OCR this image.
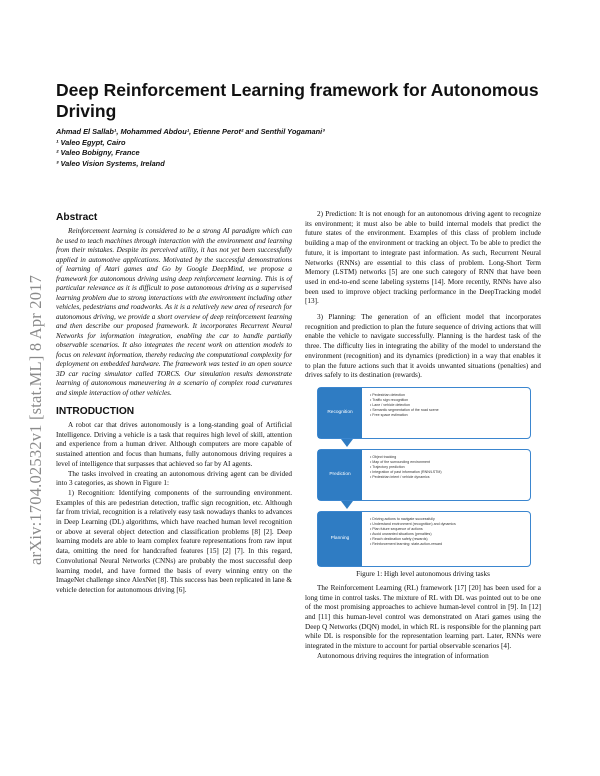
arXiv:1704.02532v1 [stat.ML] 8 Apr 2017
Deep Reinforcement Learning framework for Autonomous Driving
Ahmad El Sallab¹, Mohammed Abdou¹, Etienne Perot² and Senthil Yogamani³
¹ Valeo Egypt, Cairo
² Valeo Bobigny, France
³ Valeo Vision Systems, Ireland
Abstract

Reinforcement learning is considered to be a strong AI paradigm which can be used to teach machines through interaction with the environment and learning from their mistakes. Despite its perceived utility, it has not yet been successfully applied in automotive applications. Motivated by the successful demonstrations of learning of Atari games and Go by Google DeepMind, we propose a framework for autonomous driving using deep reinforcement learning. This is of particular relevance as it is difficult to pose autonomous driving as a supervised learning problem due to strong interactions with the environment including other vehicles, pedestrians and roadworks. As it is a relatively new area of research for autonomous driving, we provide a short overview of deep reinforcement learning and then describe our proposed framework. It incorporates Recurrent Neural Networks for information integration, enabling the car to handle partially observable scenarios. It also integrates the recent work on attention models to focus on relevant information, thereby reducing the computational complexity for deployment on embedded hardware. The framework was tested in an open source 3D car racing simulator called TORCS. Our simulation results demonstrate learning of autonomous maneuvering in a scenario of complex road curvatures and simple interaction of other vehicles.

INTRODUCTION

A robot car that drives autonomously is a long-standing goal of Artificial Intelligence. Driving a vehicle is a task that requires high level of skill, attention and experience from a human driver. Although computers are more capable of sustained attention and focus than humans, fully autonomous driving requires a level of intelligence that surpasses that achieved so far by AI agents.

The tasks involved in creating an autonomous driving agent can be divided into 3 categories, as shown in Figure 1:

1) Recognition: Identifying components of the surrounding environment. Examples of this are pedestrian detection, traffic sign recognition, etc. Although far from trivial, recognition is a relatively easy task nowadays thanks to advances in Deep Learning (DL) algorithms, which have reached human level recognition or above at several object detection and classification problems [8] [2]. Deep learning models are able to learn complex feature representations from raw input data, omitting the need for handcrafted features [15] [2] [7]. In this regard, Convolutional Neural Networks (CNNs) are probably the most successful deep learning model, and have formed the basis of every winning entry on the ImageNet challenge since AlexNet [8]. This success has been replicated in lane & vehicle detection for autonomous driving [6].

2) Prediction: It is not enough for an autonomous driving agent to recognize its environment; it must also be able to build internal models that predict the future states of the environment. Examples of this class of problem include building a map of the environment or tracking an object. To be able to predict the future, it is important to integrate past information. As such, Recurrent Neural Networks (RNNs) are essential to this class of problem. Long-Short Term Memory (LSTM) networks [5] are one such category of RNN that have been used in end-to-end scene labeling systems [14]. More recently, RNNs have also been used to improve object tracking performance in the DeepTracking model [13].

3) Planning: The generation of an efficient model that incorporates recognition and prediction to plan the future sequence of driving actions that will enable the vehicle to navigate successfully. Planning is the hardest task of the three. The difficulty lies in integrating the ability of the model to understand the environment (recognition) and its dynamics (prediction) in a way that enables it to plan the future actions such that it avoids unwanted situations (penalties) and drives safely to its destination (rewards).

Recognition
• Pedestrian detection
• Traffic sign recognition
• Lane / vehicle detection
• Semantic segmentation of the road scene
• Free space estimation
Prediction
• Object tracking
• Map of the surrounding environment
• Trajectory prediction
• Integration of past information (RNN/LSTM)
• Pedestrian intent / vehicle dynamics
Planning
• Driving actions to navigate successfully
• Understand environment (recognition) and dynamics
• Plan future sequence of actions
• Avoid unwanted situations (penalties)
• Reach destination safely (rewards)
• Reinforcement learning: state-action-reward

Figure 1: High level autonomous driving tasks

The Reinforcement Learning (RL) framework [17] [20] has been used for a long time in control tasks. The mixture of RL with DL was pointed out to be one of the most promising approaches to achieve human-level control in [9]. In [12] and [11] this human-level control was demonstrated on Atari games using the Deep Q Networks (DQN) model, in which RL is responsible for the planning part while DL is responsible for the representation learning part. Later, RNNs were integrated in the mixture to account for partial observable scenarios [4].

Autonomous driving requires the integration of information
